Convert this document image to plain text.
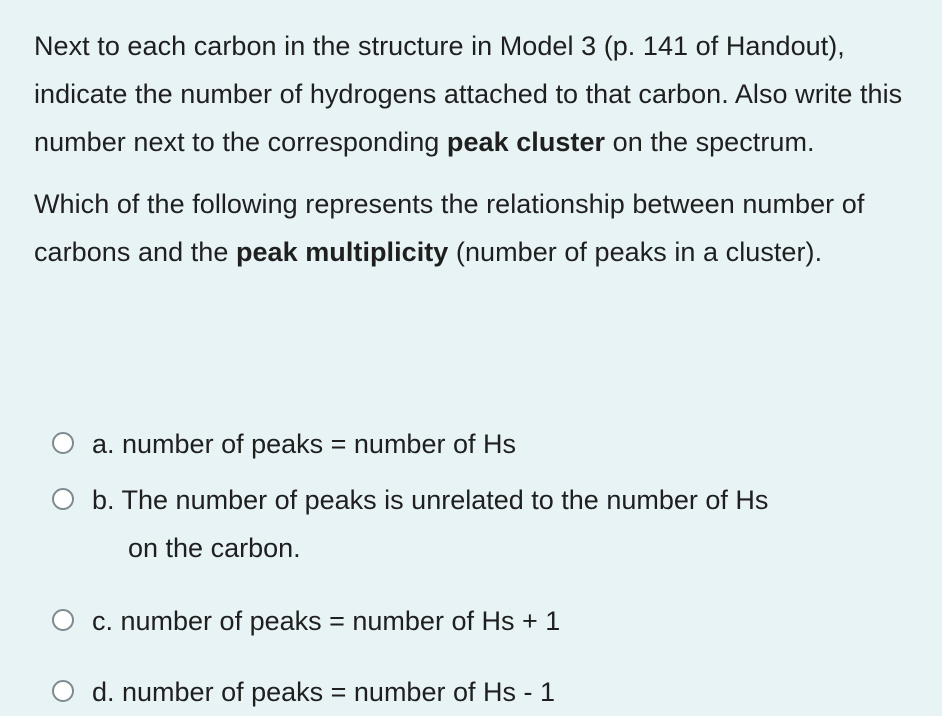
Next to each carbon in the structure in Model 3 (p. 141 of Handout), indicate the number of hydrogens attached to that carbon. Also write this number next to the corresponding peak cluster on the spectrum.

Which of the following represents the relationship between number of carbons and the peak multiplicity (number of peaks in a cluster).

a. number of peaks = number of Hs
b. The number of peaks is unrelated to the number of Hs
on the carbon.
c. number of peaks = number of Hs + 1
d. number of peaks = number of Hs - 1
